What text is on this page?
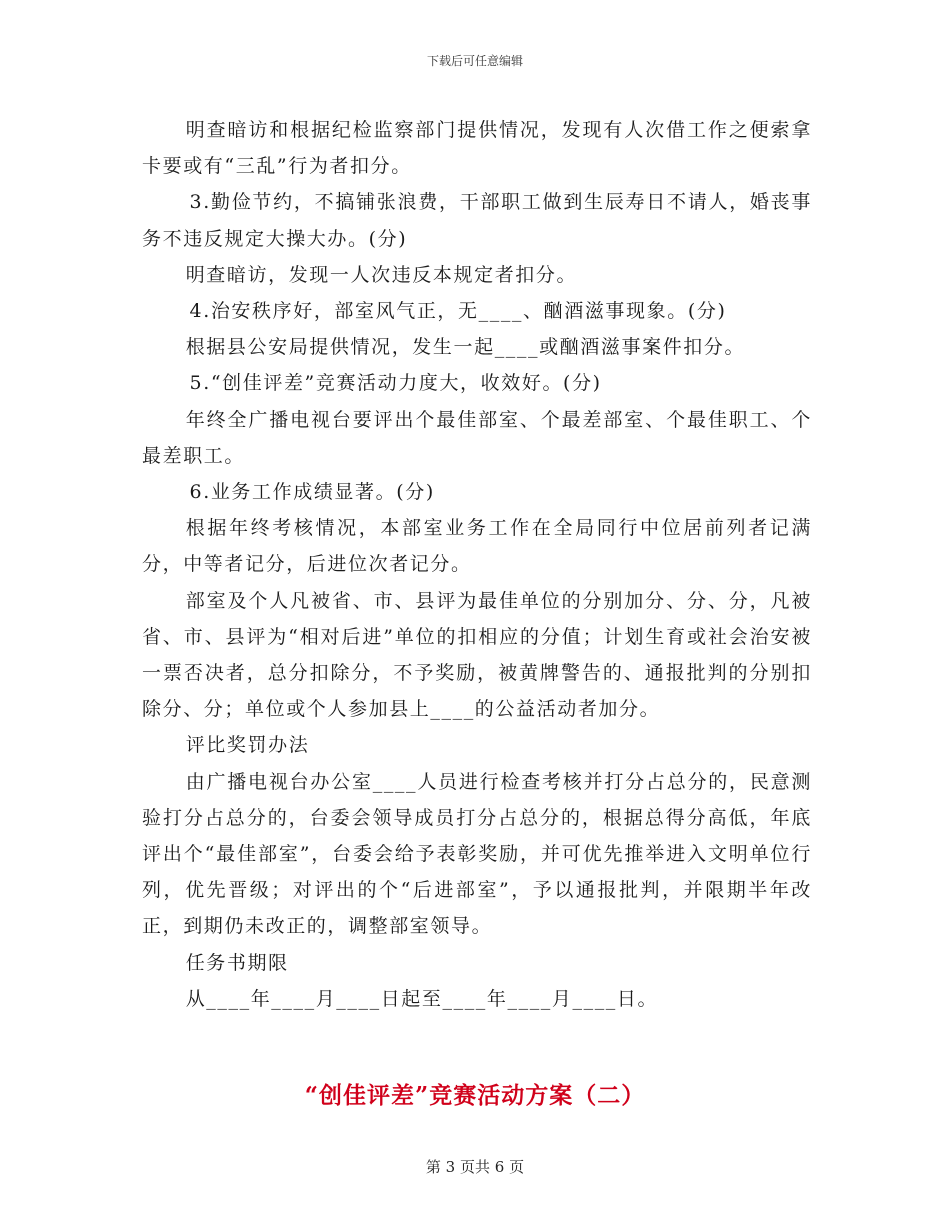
下载后可任意编辑

明查暗访和根据纪检监察部门提供情况，发现有人次借工作之便索拿卡要或有“三乱”行为者扣分。

3.勤俭节约，不搞铺张浪费，干部职工做到生辰寿日不请人，婚丧事务不违反规定大操大办。(分)

明查暗访，发现一人次违反本规定者扣分。

4.治安秩序好，部室风气正，无____、酗酒滋事现象。(分)

根据县公安局提供情况，发生一起____或酗酒滋事案件扣分。

5.“创佳评差”竞赛活动力度大，收效好。(分)

年终全广播电视台要评出个最佳部室、个最差部室、个最佳职工、个最差职工。

6.业务工作成绩显著。(分)

根据年终考核情况，本部室业务工作在全局同行中位居前列者记满分，中等者记分，后进位次者记分。

部室及个人凡被省、市、县评为最佳单位的分别加分、分、分，凡被省、市、县评为“相对后进”单位的扣相应的分值；计划生育或社会治安被一票否决者，总分扣除分，不予奖励，被黄牌警告的、通报批判的分别扣除分、分；单位或个人参加县上____的公益活动者加分。

评比奖罚办法

由广播电视台办公室____人员进行检查考核并打分占总分的，民意测验打分占总分的，台委会领导成员打分占总分的，根据总得分高低，年底评出个“最佳部室”，台委会给予表彰奖励，并可优先推举进入文明单位行列，优先晋级；对评出的个“后进部室”，予以通报批判，并限期半年改正，到期仍未改正的，调整部室领导。

任务书期限

从____年____月____日起至____年____月____日。

“创佳评差”竞赛活动方案（二）
第 3 页共 6 页
